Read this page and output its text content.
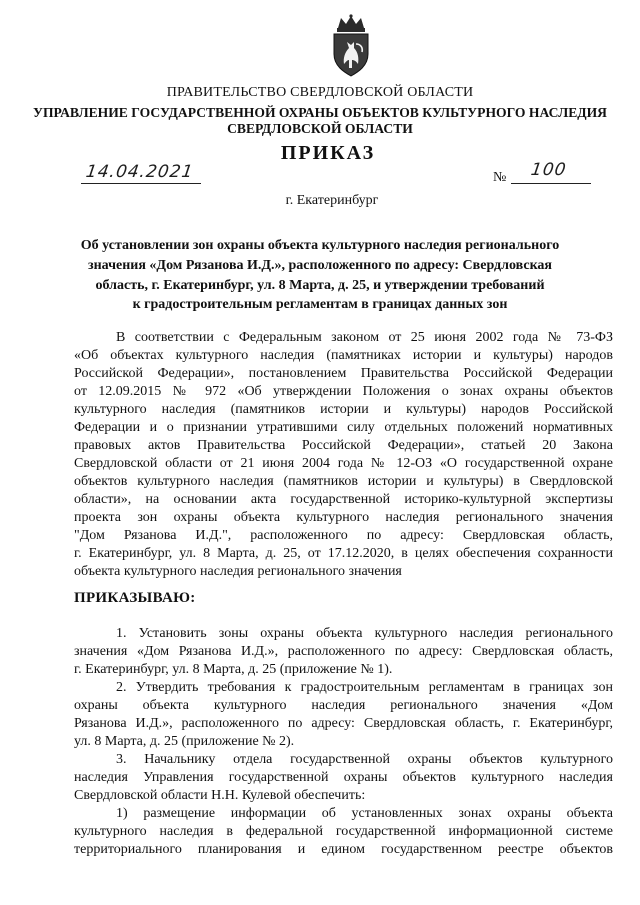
ПРАВИТЕЛЬСТВО СВЕРДЛОВСКОЙ ОБЛАСТИ
УПРАВЛЕНИЕ ГОСУДАРСТВЕННОЙ ОХРАНЫ ОБЪЕКТОВ КУЛЬТУРНОГО НАСЛЕДИЯ
СВЕРДЛОВСКОЙ ОБЛАСТИ
ПРИКАЗ
14.04.2021	№ 100
г. Екатеринбург
Об установлении зон охраны объекта культурного наследия регионального
значения «Дом Рязанова И.Д.», расположенного по адресу: Свердловская
область, г. Екатеринбург, ул. 8 Марта, д. 25, и утверждении требований
к градостроительным регламентам в границах данных зон
В соответствии с Федеральным законом от 25 июня 2002 года № 73-ФЗ
«Об объектах культурного наследия (памятниках истории и культуры) народов
Российской Федерации», постановлением Правительства Российской Федерации
от 12.09.2015 № 972 «Об утверждении Положения о зонах охраны объектов
культурного наследия (памятников истории и культуры) народов Российской
Федерации и о признании утратившими силу отдельных положений нормативных
правовых актов Правительства Российской Федерации», статьей 20 Закона
Свердловской области от 21 июня 2004 года № 12-ОЗ «О государственной охране
объектов культурного наследия (памятников истории и культуры) в Свердловской
области», на основании акта государственной историко-культурной экспертизы
проекта зон охраны объекта культурного наследия регионального значения
"Дом Рязанова И.Д.", расположенного по адресу: Свердловская область,
г. Екатеринбург, ул. 8 Марта, д. 25, от 17.12.2020, в целях обеспечения сохранности
объекта культурного наследия регионального значения
ПРИКАЗЫВАЮ:
1. Установить зоны охраны объекта культурного наследия регионального
значения «Дом Рязанова И.Д.», расположенного по адресу: Свердловская область,
г. Екатеринбург, ул. 8 Марта, д. 25 (приложение № 1).
2. Утвердить требования к градостроительным регламентам в границах зон
охраны объекта культурного наследия регионального значения «Дом
Рязанова И.Д.», расположенного по адресу: Свердловская область, г. Екатеринбург,
ул. 8 Марта, д. 25 (приложение № 2).
3. Начальнику отдела государственной охраны объектов культурного
наследия Управления государственной охраны объектов культурного наследия
Свердловской области Н.Н. Кулевой обеспечить:
1) размещение информации об установленных зонах охраны объекта
культурного наследия в федеральной государственной информационной системе
территориального планирования и едином государственном реестре объектов
